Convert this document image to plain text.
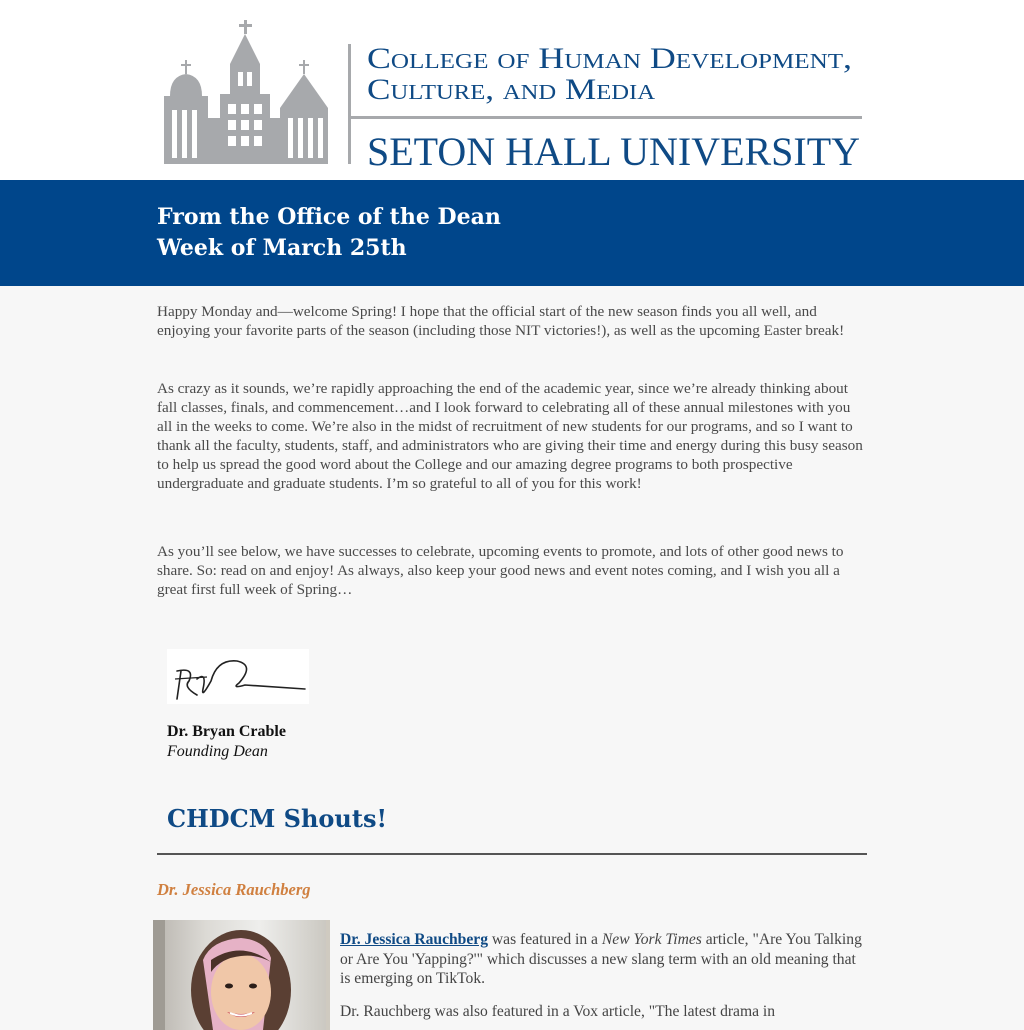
College of Human Development,
Culture, and Media
SETON HALL UNIVERSITY
From the Office of the Dean
Week of March 25th

Happy Monday and—welcome Spring! I hope that the official start of the new season finds you all well, and enjoying your favorite parts of the season (including those NIT victories!), as well as the upcoming Easter break!

As crazy as it sounds, we’re rapidly approaching the end of the academic year, since we’re already thinking about fall classes, finals, and commencement…and I look forward to celebrating all of these annual milestones with you all in the weeks to come. We’re also in the midst of recruitment of new students for our programs, and so I want to thank all the faculty, students, staff, and administrators who are giving their time and energy during this busy season to help us spread the good word about the College and our amazing degree programs to both prospective undergraduate and graduate students. I’m so grateful to all of you for this work!

As you’ll see below, we have successes to celebrate, upcoming events to promote, and lots of other good news to share. So: read on and enjoy! As always, also keep your good news and event notes coming, and I wish you all a great first full week of Spring…

Dr. Bryan Crable
Founding Dean
CHDCM Shouts!
Dr. Jessica Rauchberg

Dr. Jessica Rauchberg was featured in a New York Times article, "Are You Talking or Are You 'Yapping?'" which discusses a new slang term with an old meaning that is emerging on TikTok.

Dr. Rauchberg was also featured in a Vox article, "The latest drama in
